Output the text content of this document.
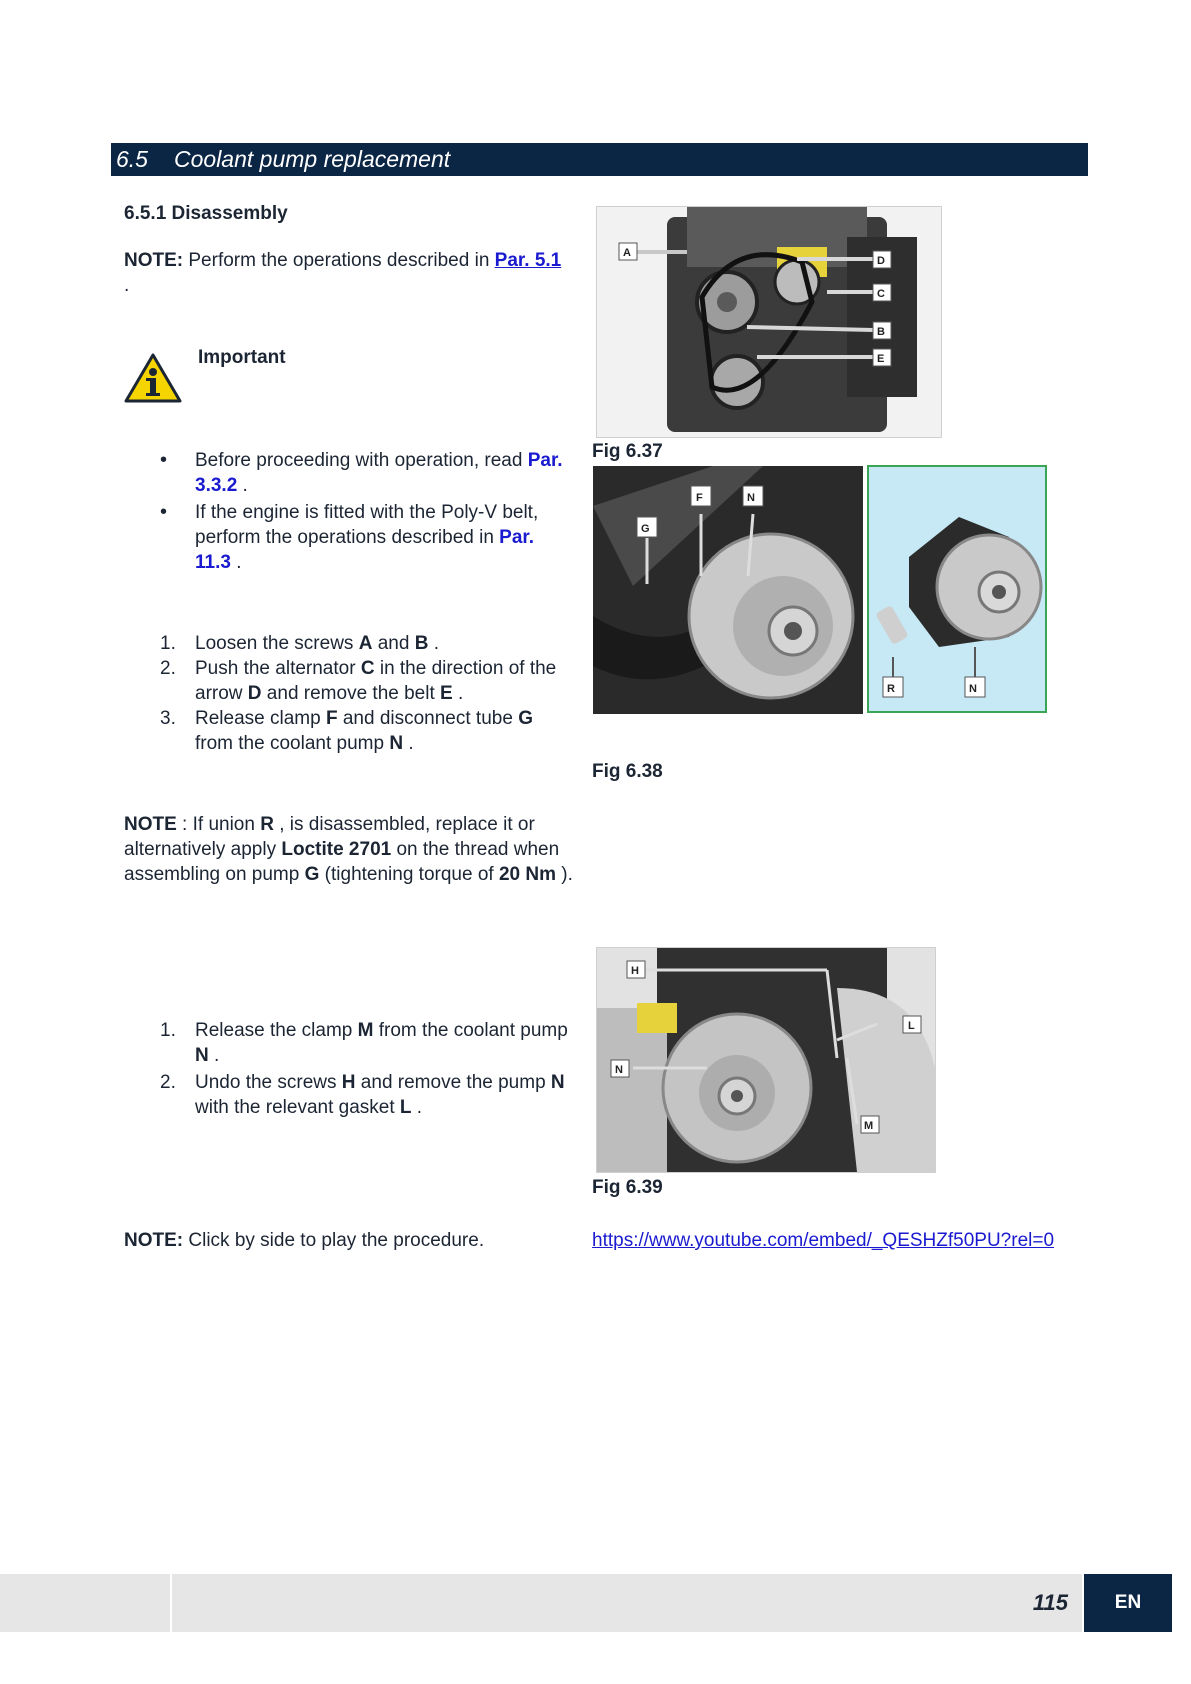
6.5 Coolant pump replacement
6.5.1 Disassembly
NOTE: Perform the operations described in Par. 5.1 .
Important
•	Before proceeding with operation, read Par. 3.3.2 .
•	If the engine is fitted with the Poly-V belt, perform the operations described in Par. 11.3 .
1. Loosen the screws A and B .
2. Push the alternator C in the direction of the arrow D and remove the belt E .
3. Release clamp F and disconnect tube G from the coolant pump N .
NOTE : If union R , is disassembled, replace it or alternatively apply Loctite 2701 on the thread when assembling on pump G (tightening torque of 20 Nm ).
1. Release the clamp M from the coolant pump N .
2. Undo the screws H and remove the pump N with the relevant gasket L .
NOTE: Click by side to play the procedure.
A
D
C
B
E
Fig 6.37
F	N
G
R	N
Fig 6.38
H
L
N
M
Fig 6.39
https://www.youtube.com/embed/_QESHZf50PU?rel=0
115	EN
